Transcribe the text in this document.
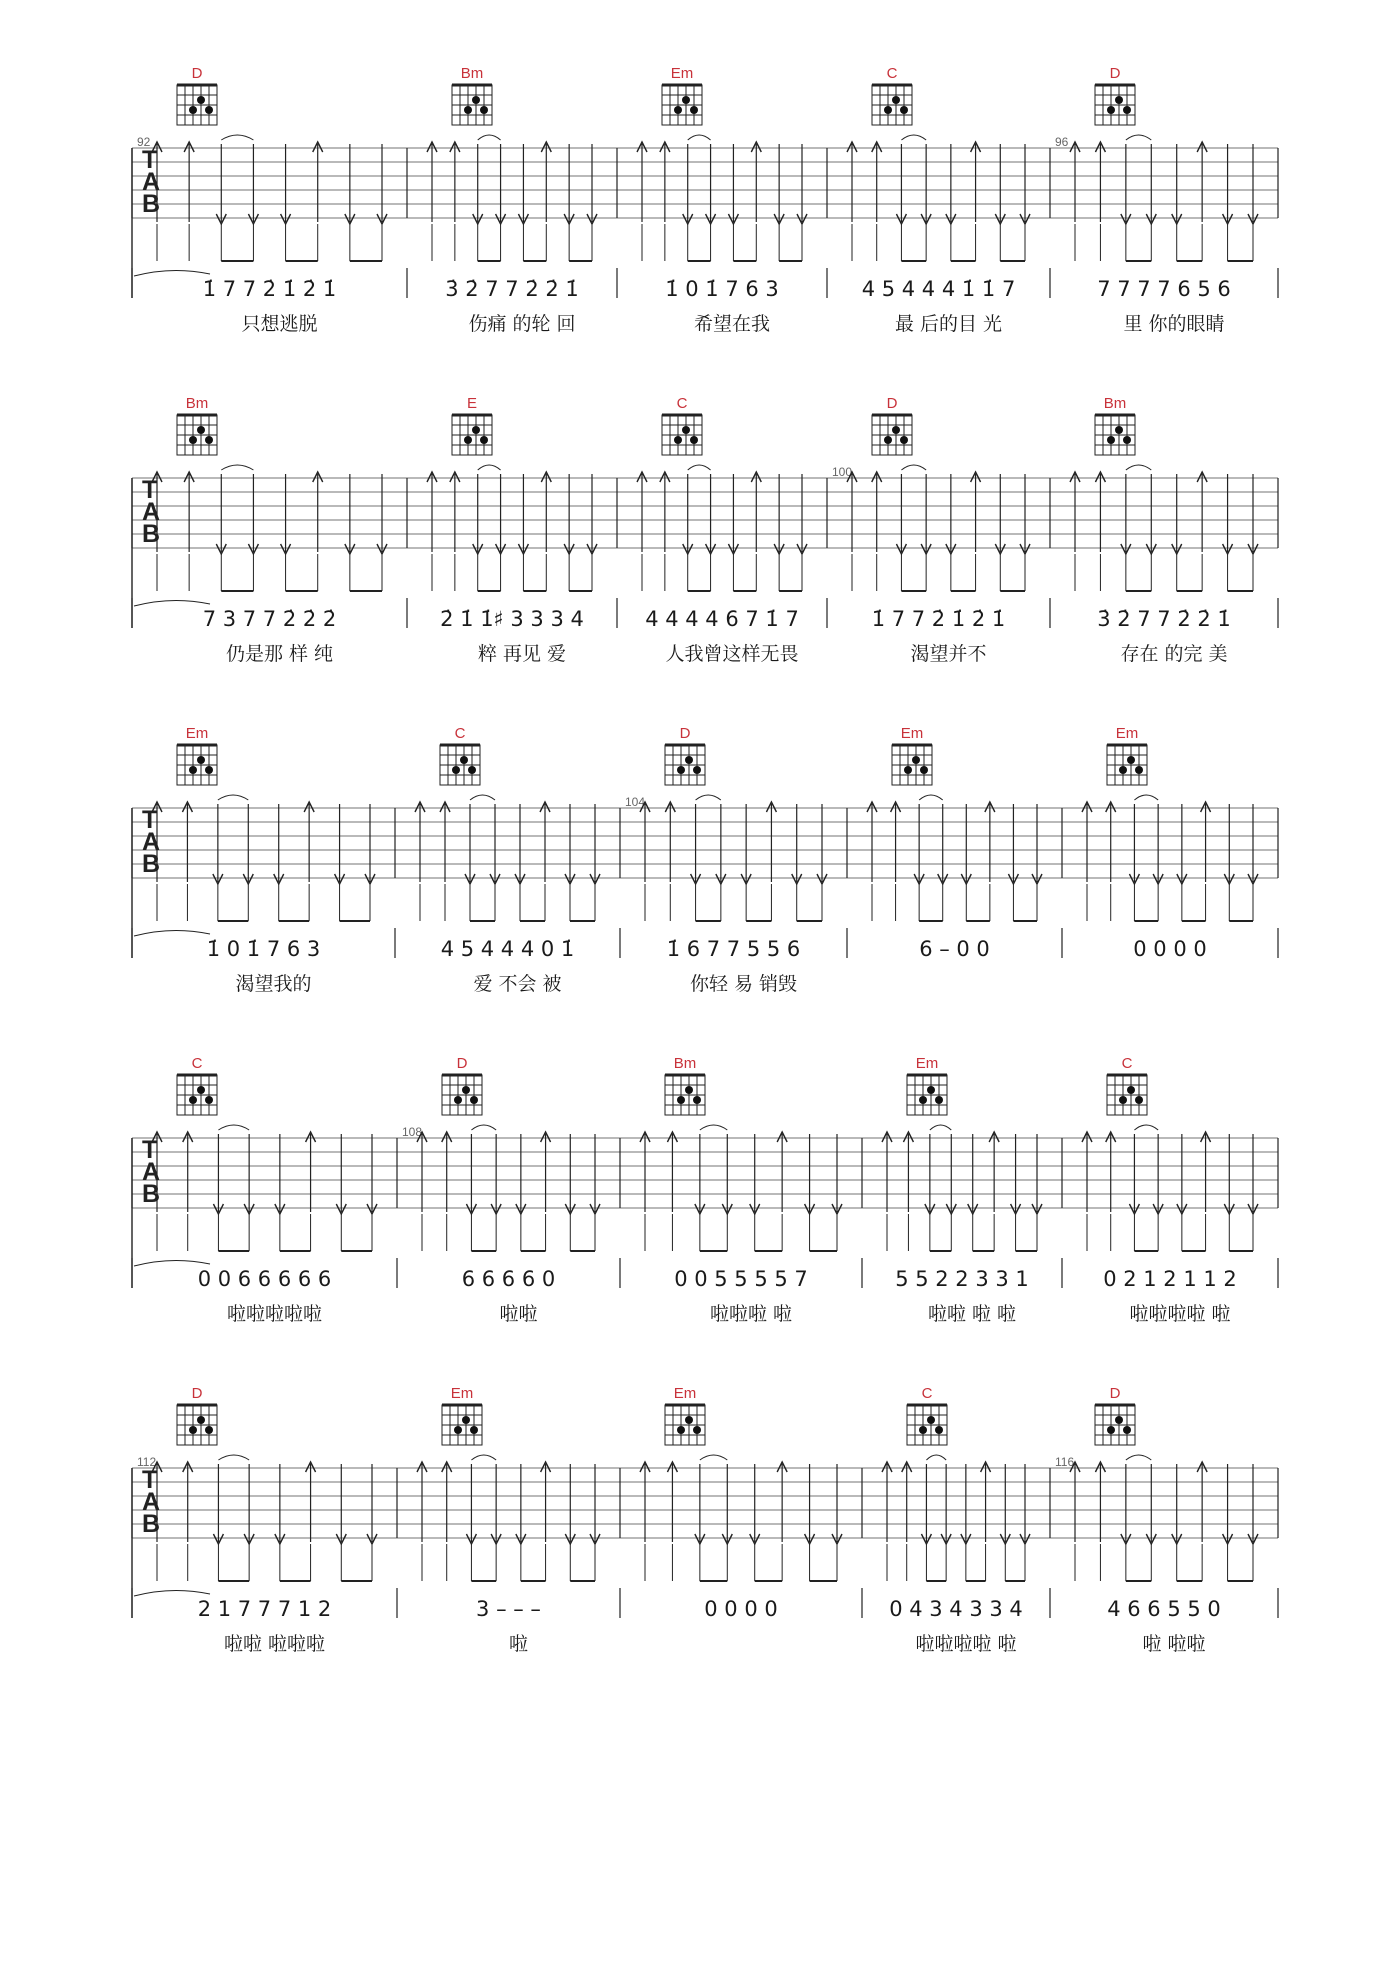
T
A
B
92
D
1̇ 7 7 2̇ 1̇ 2̇ 1̇
只想逃脱
Bm
3̇ 2̇ 7 7 2̇ 2̇ 1̇
伤痛 的轮 回
Em
1̇ 0 1̇ 7 6 3
希望在我
C
4 5 4 4 4 1̇ 1̇ 7
最 后的目 光
96
D
7 7 7 7 6 5 6
里 你的眼睛
T
A
B
Bm
7 3 7 7 2̇ 2̇ 2̇
仍是那 样 纯
E
2̇ 1̇ 1̇♯ 3 3 3 4
粹 再见 爱
C
4 4 4 4 6 7 1̇ 7
人我曾这样无畏
100
D
1̇ 7 7 2̇ 1̇ 2̇ 1̇
渴望并不
Bm
3̇ 2̇ 7 7 2̇ 2̇ 1̇
存在 的完 美
T
A
B
Em
1̇ 0 1̇ 7 6 3
渴望我的
C
4 5 4 4 4 0 1̇
爱 不会 被
104
D
1̇ 6 7 7 5 5 6
你轻 易 销毁
Em
6 – 0 0
Em
0 0 0 0
T
A
B
C
0 0 6 6 6 6 6
啦啦啦啦啦
108
D
6 6 6 6 0
啦啦
Bm
0 0 5 5 5 5 7
啦啦啦 啦
Em
5 5 2 2 3 3 1
啦啦 啦 啦
C
0 2 1 2 1 1 2
啦啦啦啦 啦
T
A
B
112
D
2 1 7 7 7 1 2
啦啦 啦啦啦
Em
3 – – –
啦
Em
0 0 0 0
C
0 4 3 4 3 3 4
啦啦啦啦 啦
116
D
4 6 6 5 5 0
啦 啦啦
